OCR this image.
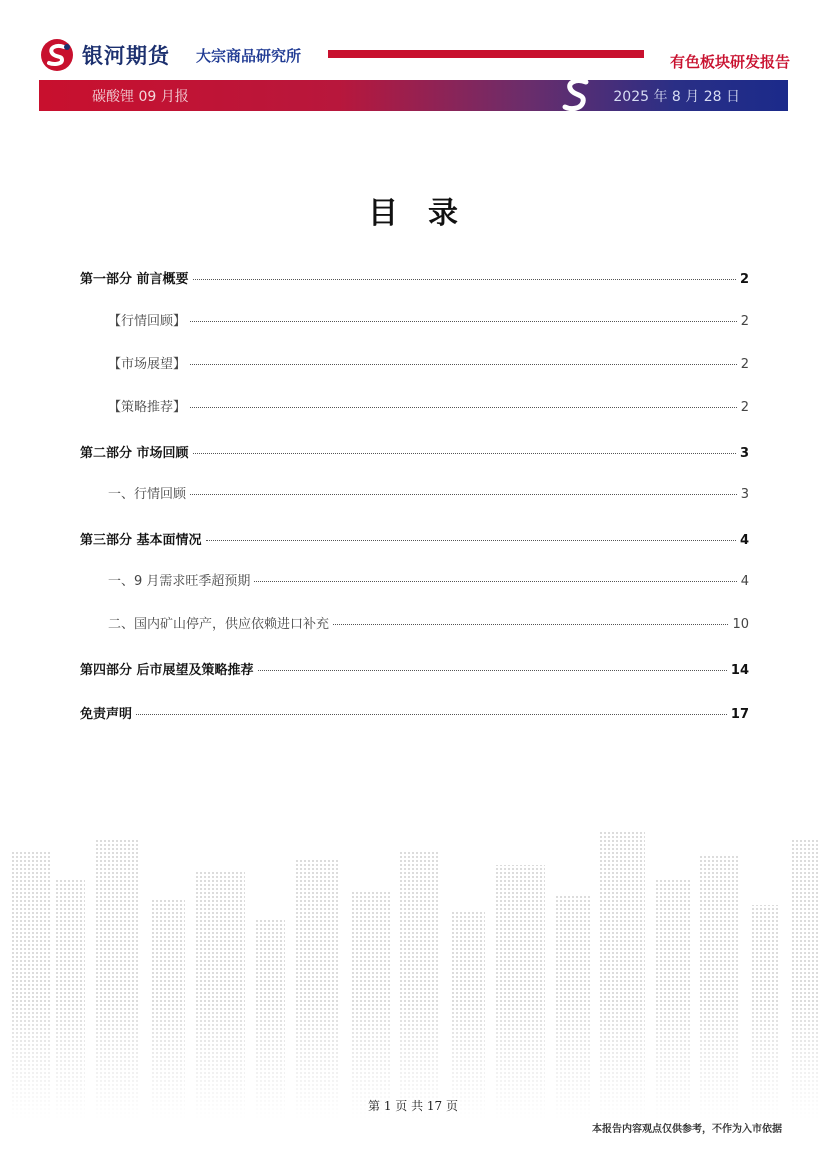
银河期货 大宗商品研究所	有色板块研发报告
碳酸锂 09 月报	2025 年 8 月 28 日
目录
第一部分 前言概要	2
【行情回顾】	2
【市场展望】	2
【策略推荐】	2
第二部分 市场回顾	3
一、行情回顾	3
第三部分 基本面情况	4
一、9 月需求旺季超预期	4
二、国内矿山停产，供应依赖进口补充	10
第四部分 后市展望及策略推荐	14
免责声明	17
第 1 页 共 17 页
本报告内容观点仅供参考，不作为入市依据
